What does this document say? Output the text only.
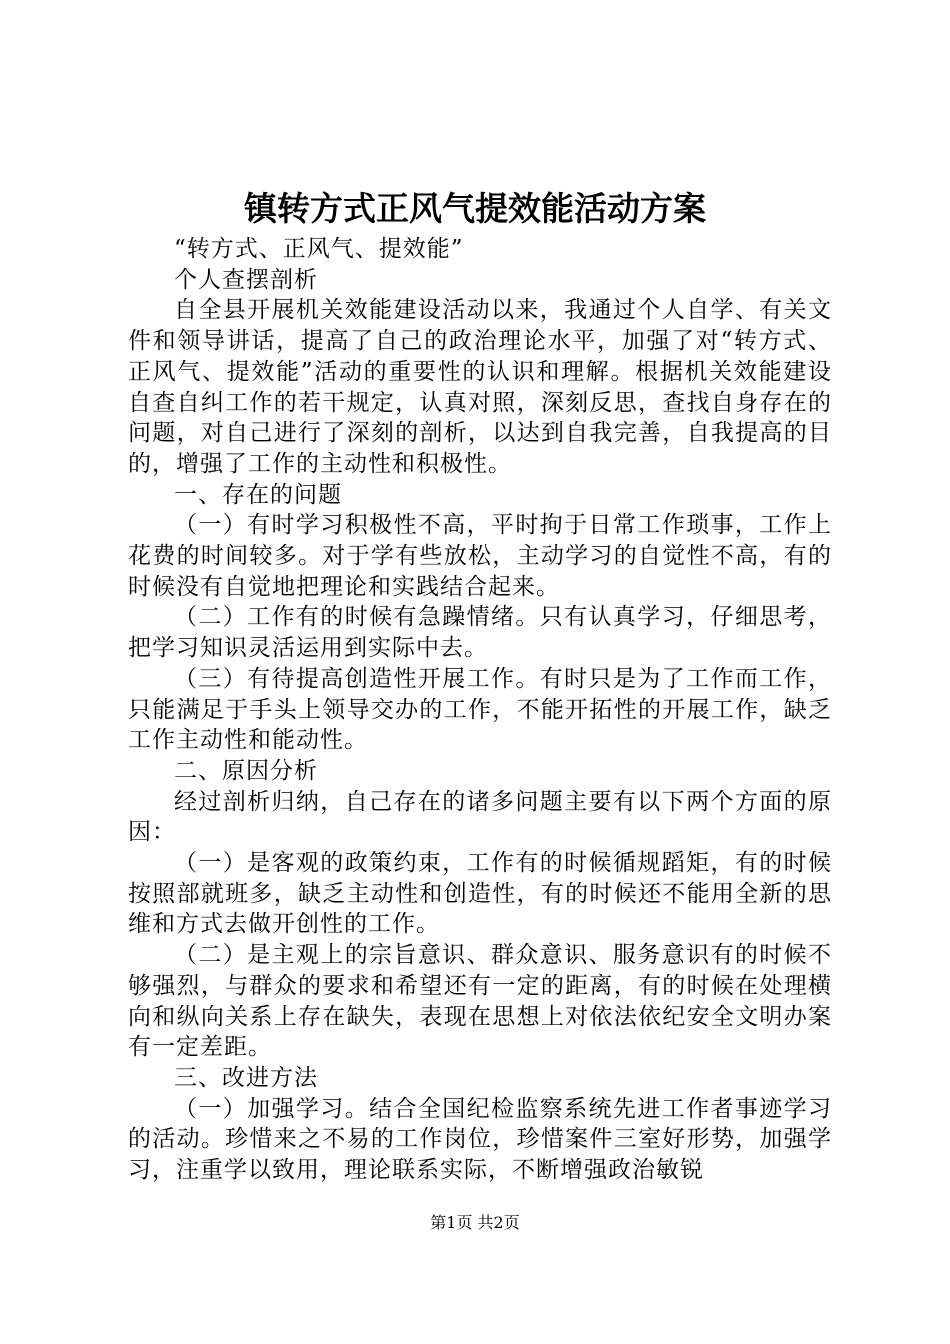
镇转方式正风气提效能活动方案

“转方式、正风气、提效能”

个人查摆剖析

自全县开展机关效能建设活动以来，我通过个人自学、有关文件和领导讲话，提高了自己的政治理论水平，加强了对“转方式、正风气、提效能”活动的重要性的认识和理解。根据机关效能建设自查自纠工作的若干规定，认真对照，深刻反思，查找自身存在的问题，对自己进行了深刻的剖析，以达到自我完善，自我提高的目的，增强了工作的主动性和积极性。

一、存在的问题

（一）有时学习积极性不高，平时拘于日常工作琐事，工作上花费的时间较多。对于学有些放松，主动学习的自觉性不高，有的时候没有自觉地把理论和实践结合起来。

（二）工作有的时候有急躁情绪。只有认真学习，仔细思考，把学习知识灵活运用到实际中去。

（三）有待提高创造性开展工作。有时只是为了工作而工作，只能满足于手头上领导交办的工作，不能开拓性的开展工作，缺乏工作主动性和能动性。

二、原因分析

经过剖析归纳，自己存在的诸多问题主要有以下两个方面的原因：

（一）是客观的政策约束，工作有的时候循规蹈矩，有的时候按照部就班多，缺乏主动性和创造性，有的时候还不能用全新的思维和方式去做开创性的工作。

（二）是主观上的宗旨意识、群众意识、服务意识有的时候不够强烈，与群众的要求和希望还有一定的距离，有的时候在处理横向和纵向关系上存在缺失，表现在思想上对依法依纪安全文明办案有一定差距。

三、改进方法

（一）加强学习。结合全国纪检监察系统先进工作者事迹学习的活动。珍惜来之不易的工作岗位，珍惜案件三室好形势，加强学习，注重学以致用，理论联系实际，不断增强政治敏锐

第1页 共2页
